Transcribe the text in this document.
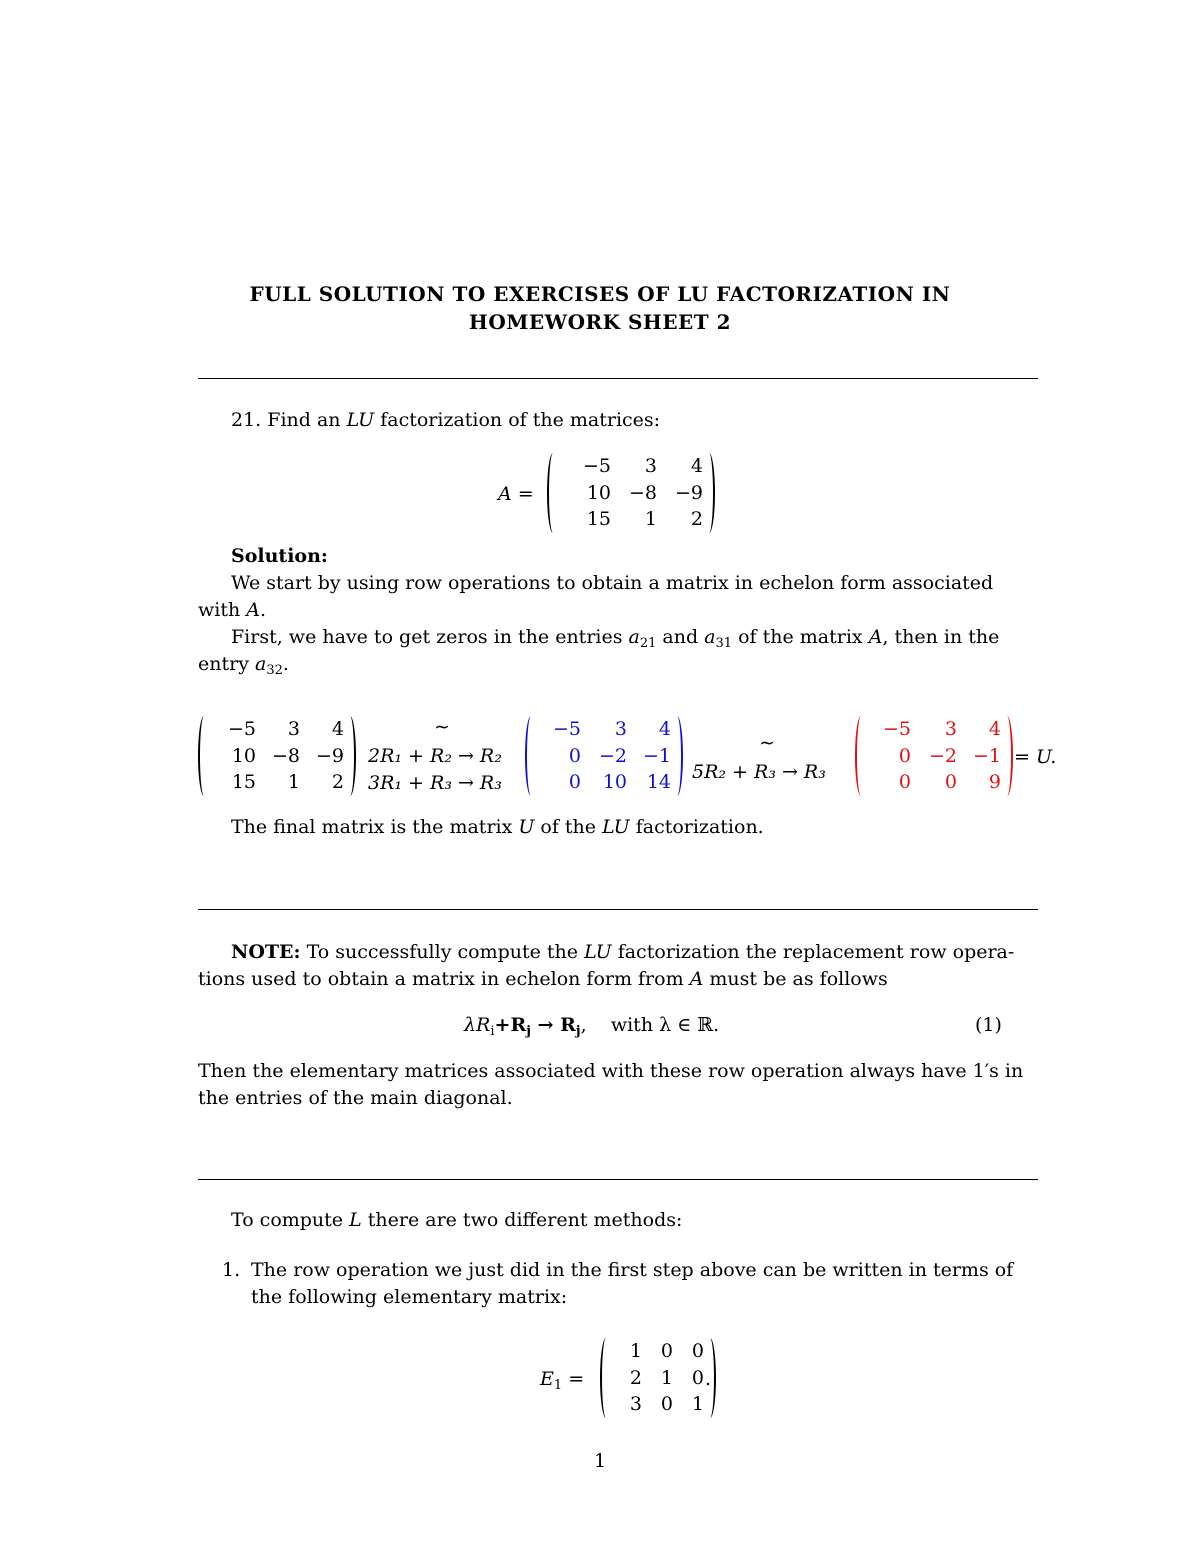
FULL SOLUTION TO EXERCISES OF LU FACTORIZATION IN
HOMEWORK SHEET 2
21. Find an LU factorization of the matrices:
A =
−5	3	4
10 −8 −9
15	1	2
Solution:
We start by using row operations to obtain a matrix in echelon form associated
with A.
First, we have to get zeros in the entries $a_{21}$ and $a_{31}$ of the matrix A, then in the
entry $a_{32}$.
−5	3	4
10 −8 −9
15	1	2
∼
2R₁ + R₂ → R₂
3R₁ + R₃ → R₃
−5	3	4
0 −2 −1
0	10	14
∼
5R₂ + R₃ → R₃
−5	3	4
0 −2 −1
0	0	9
= U.
The final matrix is the matrix U of the LU factorization.
NOTE: To successfully compute the LU factorization the replacement row opera-
tions used to obtain a matrix in echelon form from A must be as follows
$\lambda R_i+R_j \to R_j$,    with λ ∈ ℝ.	(1)
Then the elementary matrices associated with these row operation always have 1′s in
the entries of the main diagonal.
To compute L there are two different methods:
1. The row operation we just did in the first step above can be written in terms of
the following elementary matrix:
$E_1$ =
1 0 0
2 1 0
3 0 1
.
1
